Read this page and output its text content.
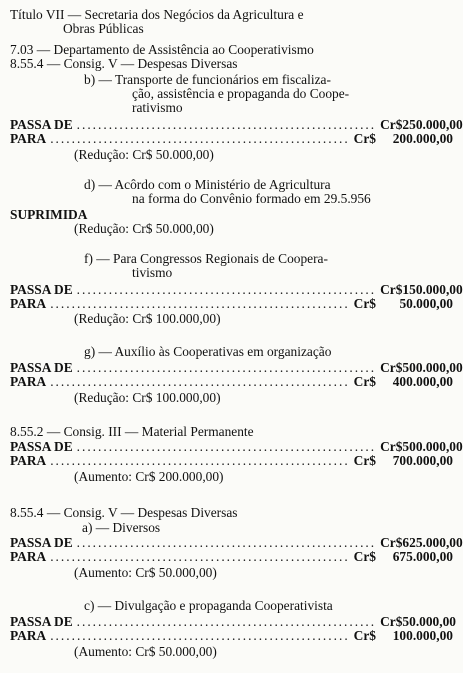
Título VII — Secretaria dos Negócios da Agricultura e
Obras Públicas
7.03 — Departamento de Assistência ao Cooperativismo
8.55.4 — Consig. V — Despesas Diversas
b) — Transporte de funcionários em fiscaliza-
ção, assistência e propaganda do Coope-
rativismo
PASSA DE ........................................................ Cr$ 250.000,00
PARA ........................................................ Cr$	200.000,00
(Redução: Cr$ 50.000,00)
d) — Acôrdo com o Ministério de Agricultura
na forma do Convênio formado em 29.5.956
SUPRIMIDA
(Redução: Cr$ 50.000,00)
f) — Para Congressos Regionais de Coopera-
tivismo
PASSA DE ........................................................ Cr$ 150.000,00
PARA ........................................................ Cr$	50.000,00
(Redução: Cr$ 100.000,00)
g) — Auxílio às Cooperativas em organização
PASSA DE ........................................................ Cr$ 500.000,00
PARA ........................................................ Cr$	400.000,00
(Redução: Cr$ 100.000,00)
8.55.2 — Consig. III — Material Permanente
PASSA DE ........................................................ Cr$ 500.000,00
PARA ........................................................ Cr$	700.000,00
(Aumento: Cr$ 200.000,00)
8.55.4 — Consig. V — Despesas Diversas
a) — Diversos
PASSA DE ........................................................ Cr$ 625.000,00
PARA ........................................................ Cr$	675.000,00
(Aumento: Cr$ 50.000,00)
c) — Divulgação e propaganda Cooperativista
PASSA DE ........................................................ Cr$ 50.000,00
PARA ........................................................ Cr$	100.000,00
(Aumento: Cr$ 50.000,00)
